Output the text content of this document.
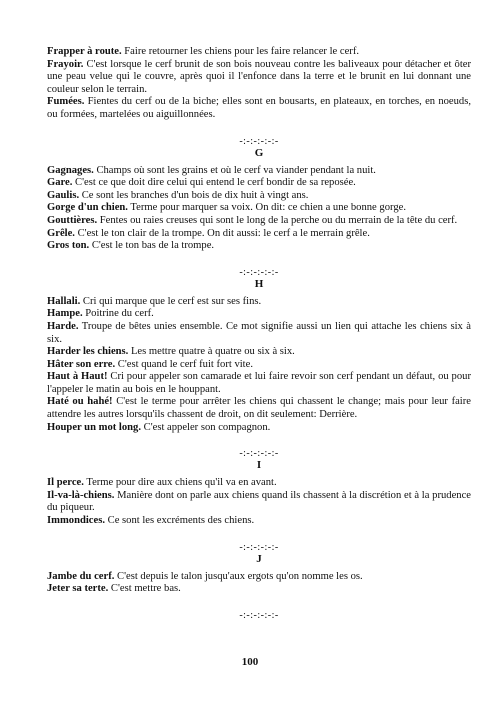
Frapper à route. Faire retourner les chiens pour les faire relancer le cerf.

Frayoir. C'est lorsque le cerf brunit de son bois nouveau contre les baliveaux pour détacher et ôter une peau velue qui le couvre, après quoi il l'enfonce dans la terre et le brunit en lui donnant une couleur selon le terrain.

Fumées. Fientes du cerf ou de la biche; elles sont en bousarts, en plateaux, en torches, en noeuds, ou formées, martelées ou aiguillonnées.

-:-:-:-:-:-
G

Gagnages. Champs où sont les grains et où le cerf va viander pendant la nuit.

Gare. C'est ce que doit dire celui qui entend le cerf bondir de sa reposée.

Gaulis. Ce sont les branches d'un bois de dix huit à vingt ans.

Gorge d'un chien. Terme pour marquer sa voix. On dit: ce chien a une bonne gorge.

Gouttières. Fentes ou raies creuses qui sont le long de la perche ou du merrain de la tête du cerf.

Grêle. C'est le ton clair de la trompe. On dit aussi: le cerf a le merrain grêle.

Gros ton. C'est le ton bas de la trompe.

-:-:-:-:-:-
H

Hallali. Cri qui marque que le cerf est sur ses fins.

Hampe. Poitrine du cerf.

Harde. Troupe de bêtes unies ensemble. Ce mot signifie aussi un lien qui attache les chiens six à six.

Harder les chiens. Les mettre quatre à quatre ou six à six.

Hâter son erre. C'est quand le cerf fuit fort vite.

Haut à Haut! Cri pour appeler son camarade et lui faire revoir son cerf pendant un défaut, ou pour l'appeler le matin au bois en le houppant.

Haté ou hahé! C'est le terme pour arrêter les chiens qui chassent le change; mais pour leur faire attendre les autres lorsqu'ils chassent de droit, on dit seulement: Derrière.

Houper un mot long. C'est appeler son compagnon.

-:-:-:-:-:-
I

Il perce. Terme pour dire aux chiens qu'il va en avant.

Il-va-là-chiens. Manière dont on parle aux chiens quand ils chassent à la discrétion et à la prudence du piqueur.

Immondices. Ce sont les excréments des chiens.

-:-:-:-:-:-
J

Jambe du cerf. C'est depuis le talon jusqu'aux ergots qu'on nomme les os.

Jeter sa terte. C'est mettre bas.

-:-:-:-:-:-
100
